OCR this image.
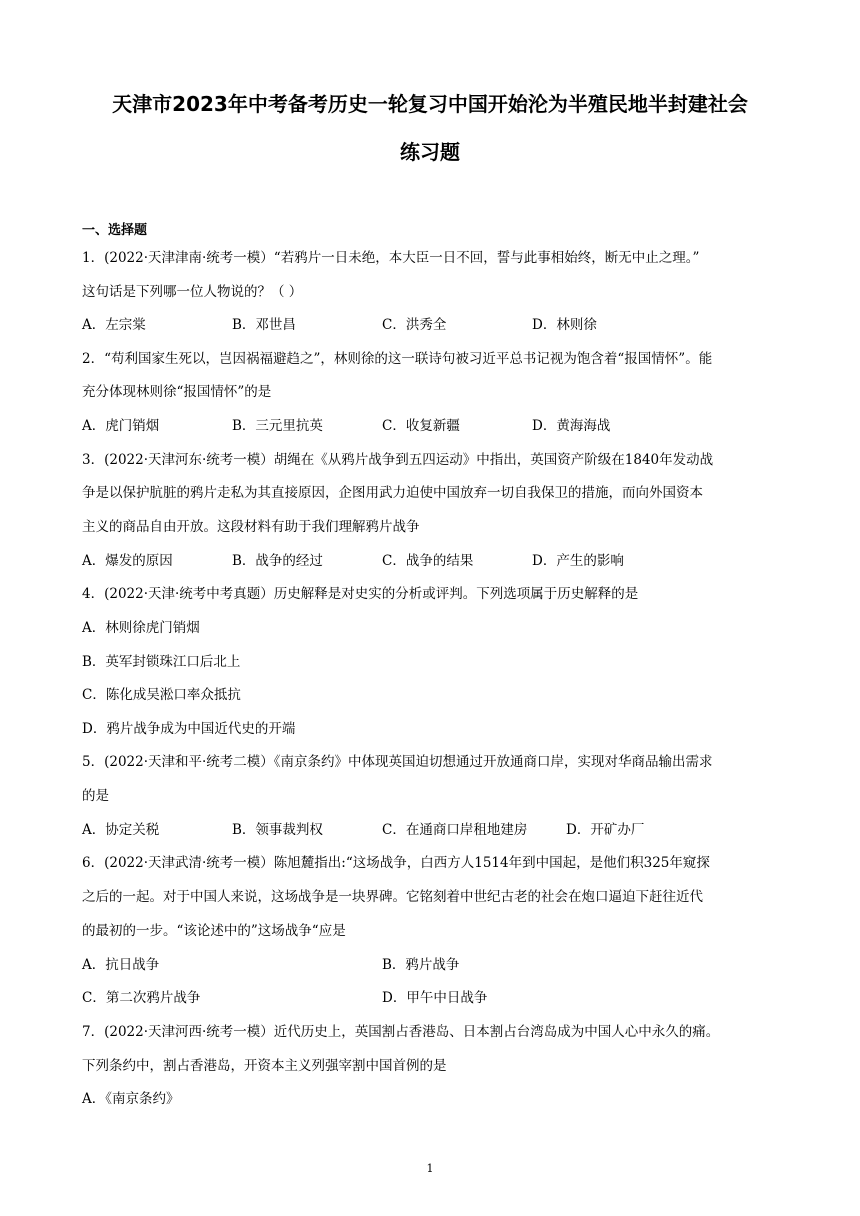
天津市2023年中考备考历史一轮复习中国开始沦为半殖民地半封建社会
练习题
一、选择题
1．(2022·天津津南·统考一模）“若鸦片一日未绝，本大臣一日不回，誓与此事相始终，断无中止之理。”
这句话是下列哪一位人物说的？（ ）
A．左宗棠	B．邓世昌	C．洪秀全	D．林则徐
2．“苟利国家生死以，岂因祸福避趋之”，林则徐的这一联诗句被习近平总书记视为饱含着“报国情怀”。能
充分体现林则徐“报国情怀”的是
A．虎门销烟	B．三元里抗英	C．收复新疆	D．黄海海战
3．(2022·天津河东·统考一模）胡绳在《从鸦片战争到五四运动》中指出，英国资产阶级在1840年发动战
争是以保护肮脏的鸦片走私为其直接原因，企图用武力迫使中国放弃一切自我保卫的措施，而向外国资本
主义的商品自由开放。这段材料有助于我们理解鸦片战争
A．爆发的原因	B．战争的经过	C．战争的结果	D．产生的影响
4．(2022·天津·统考中考真题）历史解释是对史实的分析或评判。下列选项属于历史解释的是
A．林则徐虎门销烟
B．英军封锁珠江口后北上
C．陈化成吴淞口率众抵抗
D．鸦片战争成为中国近代史的开端
5．(2022·天津和平·统考二模）《南京条约》中体现英国迫切想通过开放通商口岸，实现对华商品输出需求
的是
A．协定关税	B．领事裁判权	C．在通商口岸租地建房	D．开矿办厂
6．(2022·天津武清·统考一模）陈旭麓指出:“这场战争，白西方人1514年到中国起，是他们积325年窥探
之后的一起。对于中国人来说，这场战争是一块界碑。它铭刻着中世纪古老的社会在炮口逼迫下赶往近代
的最初的一步。“该论述中的”这场战争“应是
A．抗日战争	B．鸦片战争
C．第二次鸦片战争	D．甲午中日战争
7．(2022·天津河西·统考一模）近代历史上，英国割占香港岛、日本割占台湾岛成为中国人心中永久的痛。
下列条约中，割占香港岛，开资本主义列强宰割中国首例的是
A．《南京条约》
1
